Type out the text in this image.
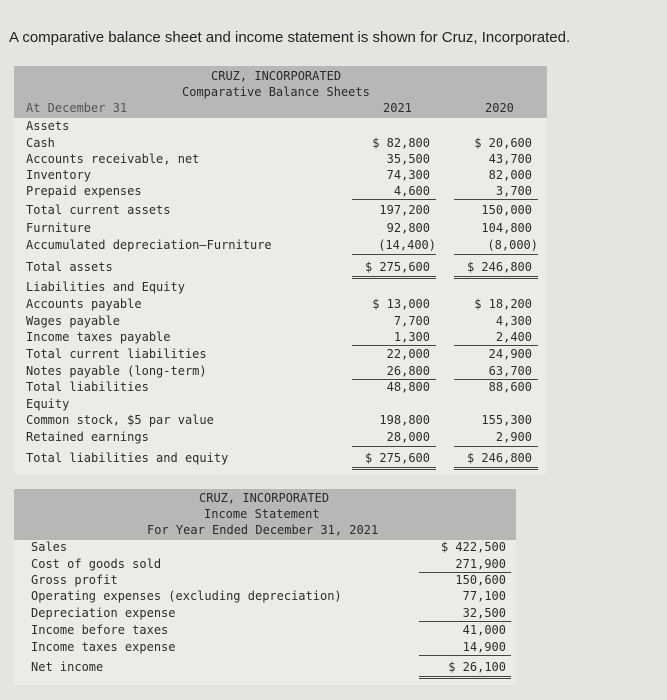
A comparative balance sheet and income statement is shown for Cruz, Incorporated.
CRUZ, INCORPORATED
Comparative Balance Sheets
At December 31	2021	2020
Assets
Cash	$ 82,800	$ 20,600
Accounts receivable, net	35,500	43,700
Inventory	74,300	82,000
Prepaid expenses	4,600	3,700
Total current assets	197,200	150,000
Furniture	92,800	104,800
Accumulated depreciation—Furniture	(14,400)	(8,000)
Total assets	$ 275,600	$ 246,800
Liabilities and Equity
Accounts payable	$ 13,000	$ 18,200
Wages payable	7,700	4,300
Income taxes payable	1,300	2,400
Total current liabilities	22,000	24,900
Notes payable (long-term)	26,800	63,700
Total liabilities	48,800	88,600
Equity
Common stock, $5 par value	198,800	155,300
Retained earnings	28,000	2,900
Total liabilities and equity	$ 275,600	$ 246,800
CRUZ, INCORPORATED
Income Statement
For Year Ended December 31, 2021
Sales	$ 422,500
Cost of goods sold	271,900
Gross profit	150,600
Operating expenses (excluding depreciation)	77,100
Depreciation expense	32,500
Income before taxes	41,000
Income taxes expense	14,900
Net income	$ 26,100
